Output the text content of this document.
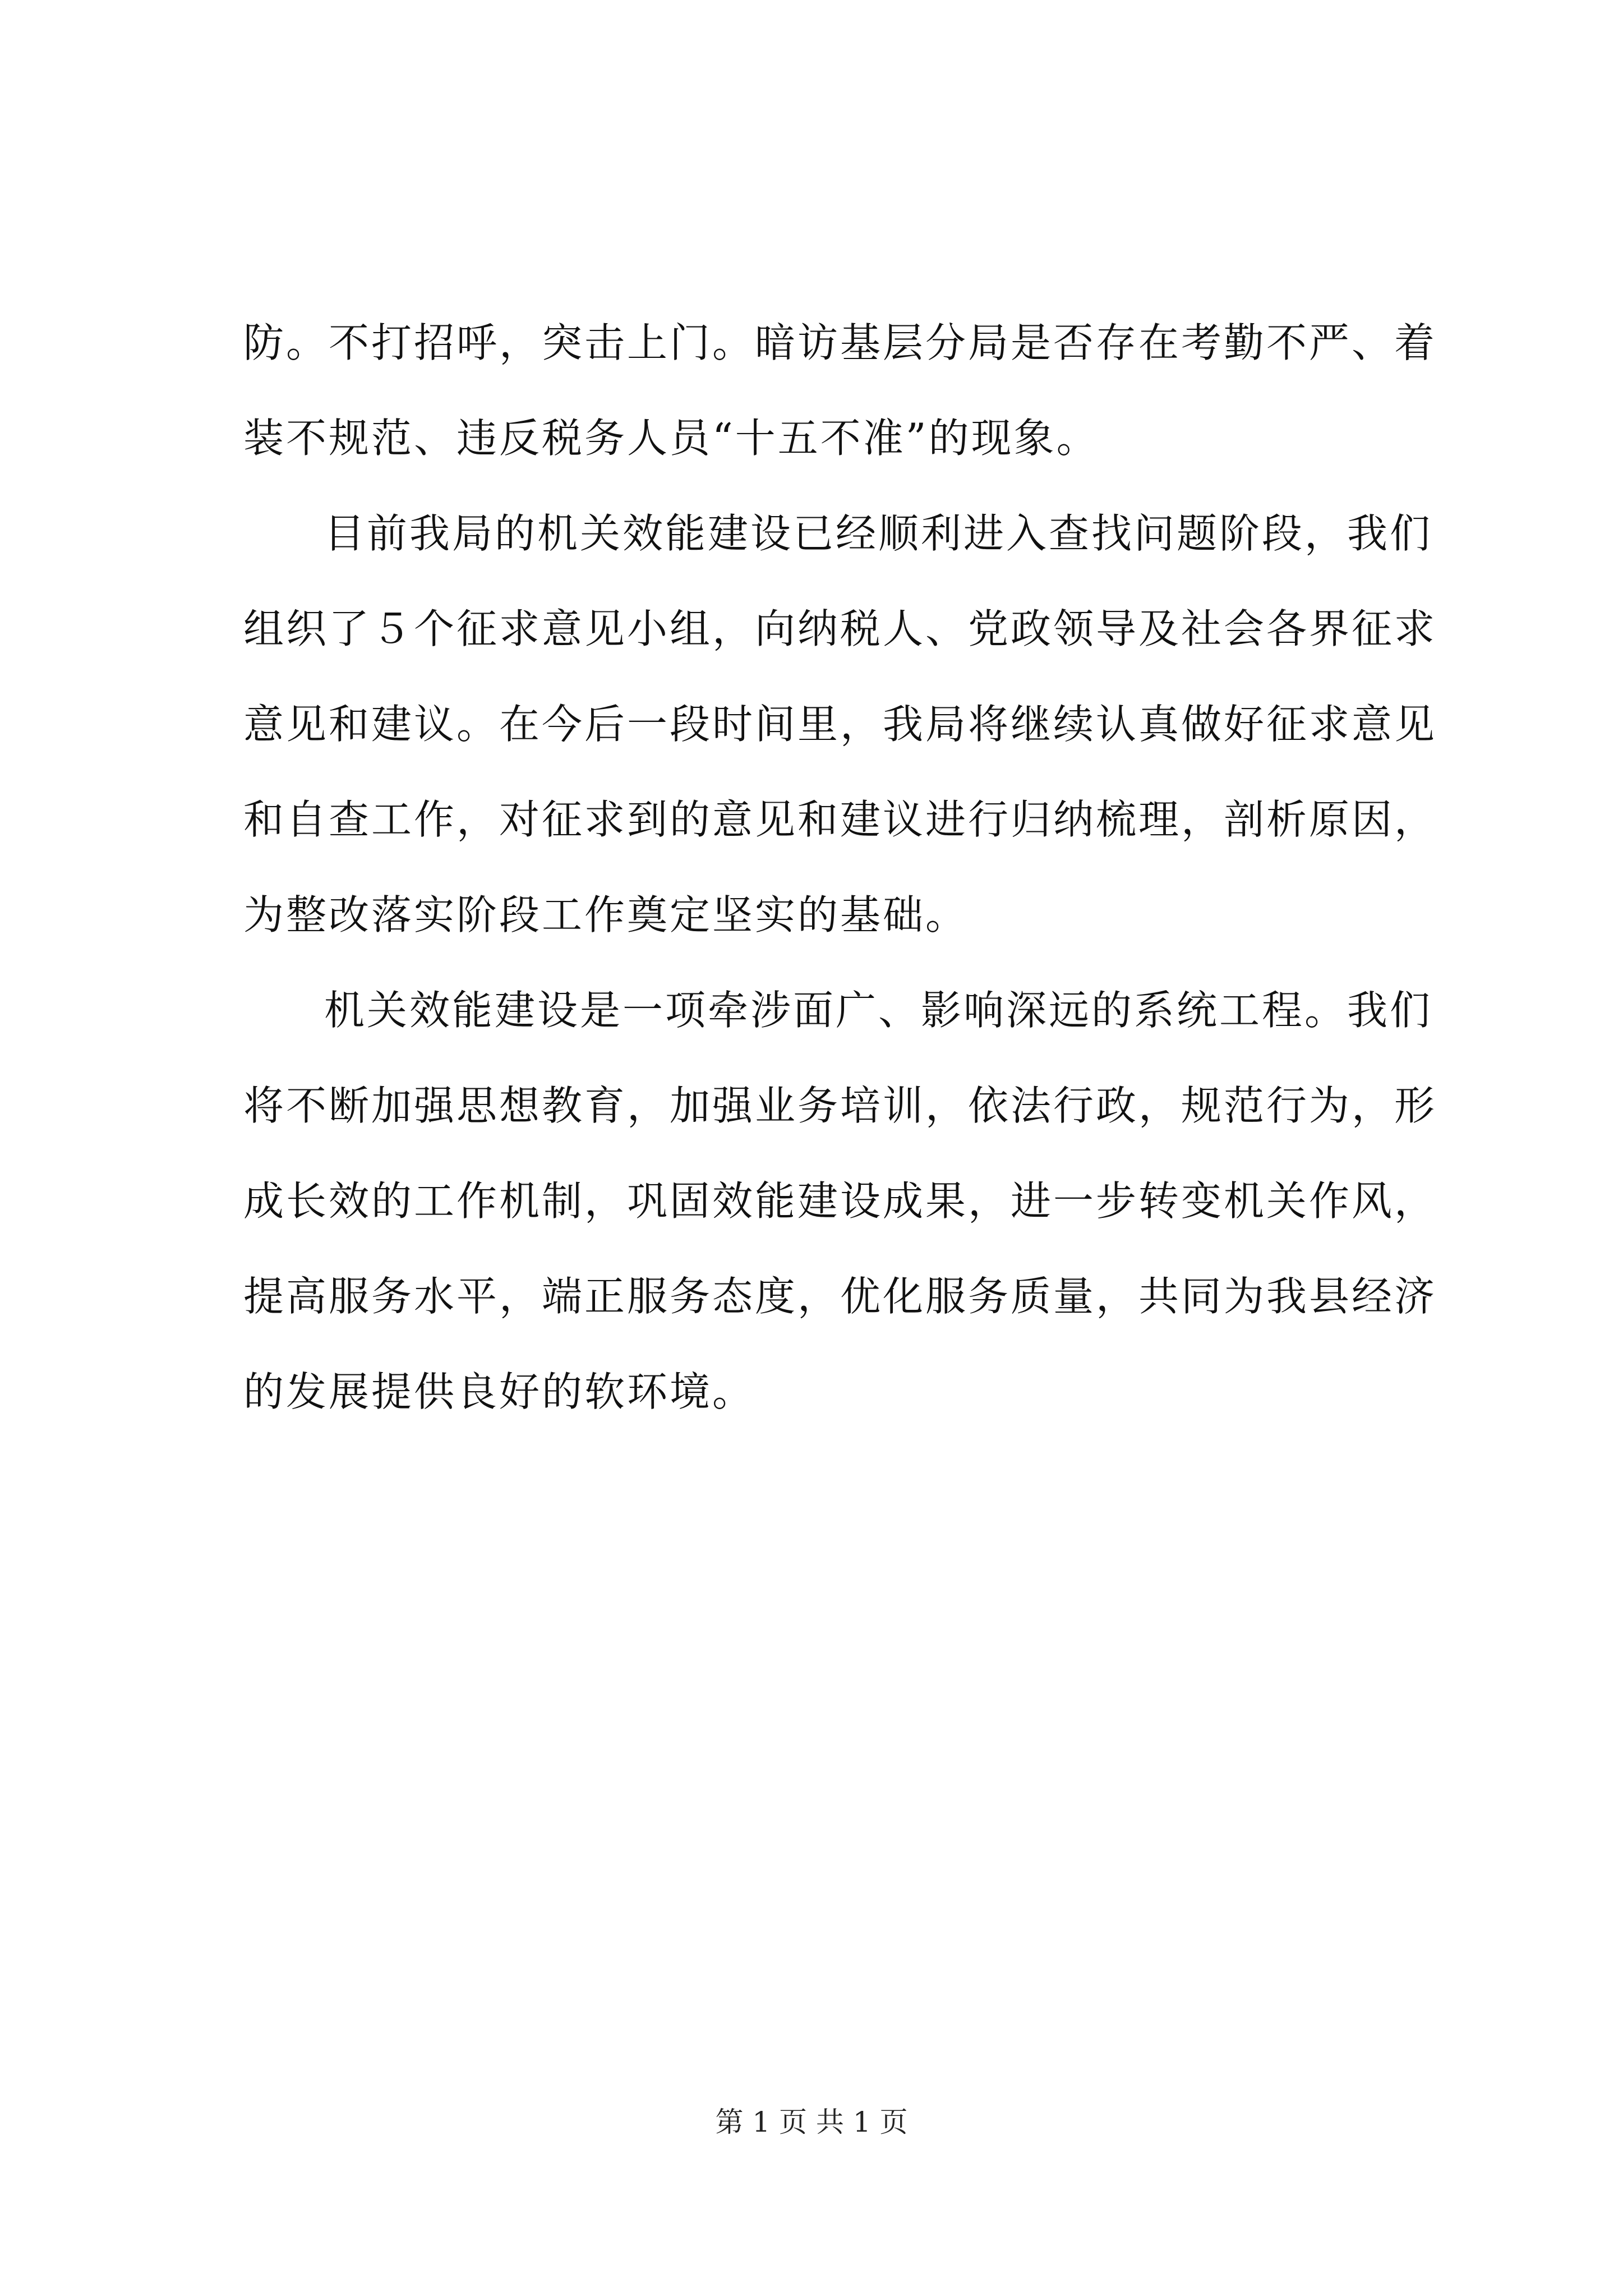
防。不打招呼，突击上门。暗访基层分局是否存在考勤不严、着
装不规范、违反税务人员“十五不准”的现象。
目前我局的机关效能建设已经顺利进入查找问题阶段，我们
组织了５个征求意见小组，向纳税人、党政领导及社会各界征求
意见和建议。在今后一段时间里，我局将继续认真做好征求意见
和自查工作，对征求到的意见和建议进行归纳梳理，剖析原因，
为整改落实阶段工作奠定坚实的基础。
机关效能建设是一项牵涉面广、影响深远的系统工程。我们
将不断加强思想教育，加强业务培训，依法行政，规范行为，形
成长效的工作机制，巩固效能建设成果，进一步转变机关作风，
提高服务水平，端正服务态度，优化服务质量，共同为我县经济
的发展提供良好的软环境。
第 1 页 共 1 页
